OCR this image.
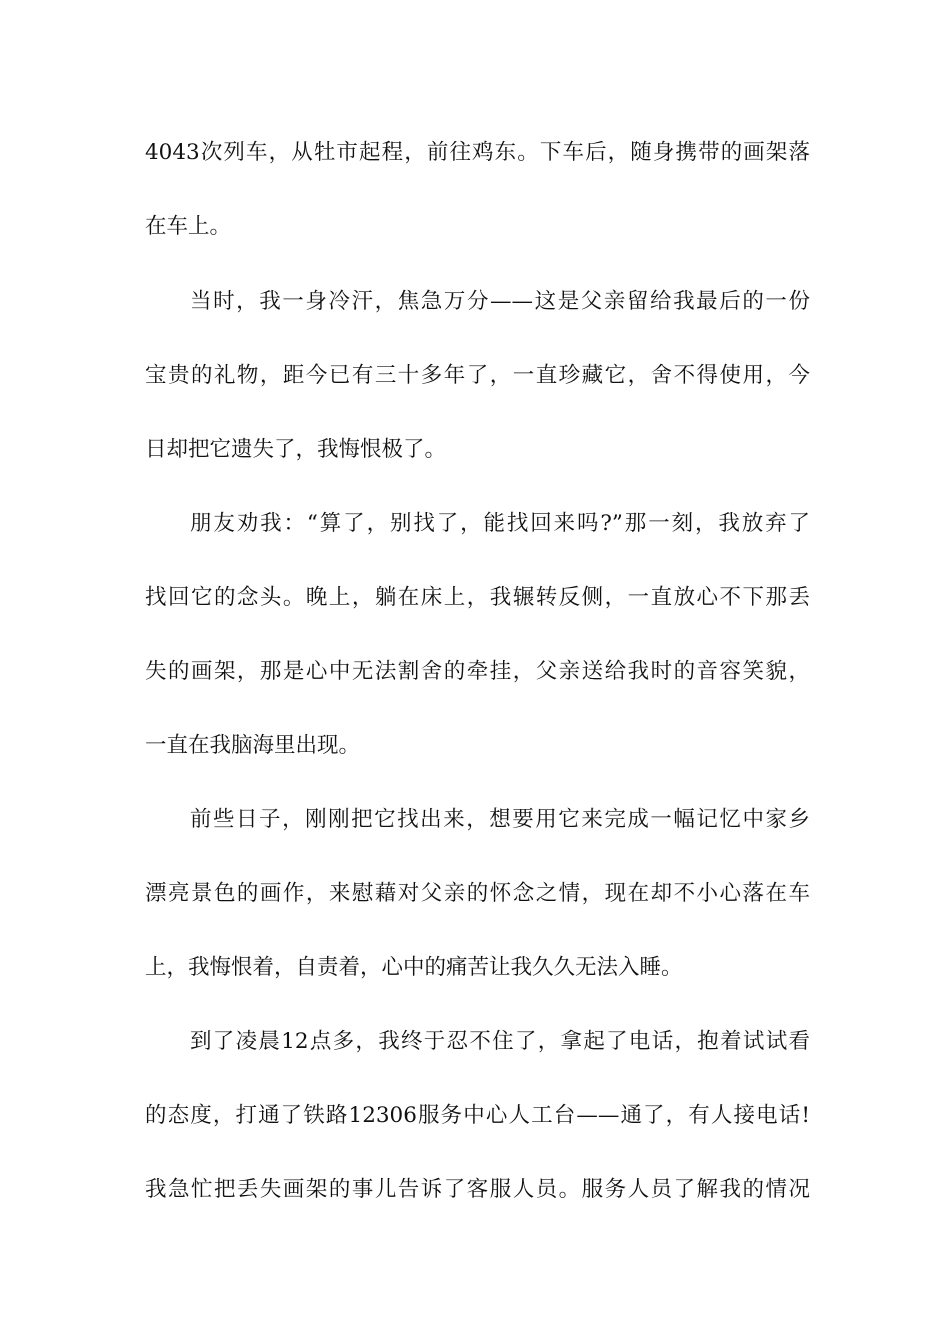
4043次列车，从牡市起程，前往鸡东。下车后，随身携带的画架落
在车上。
当时，我一身冷汗，焦急万分——这是父亲留给我最后的一份
宝贵的礼物，距今已有三十多年了，一直珍藏它，舍不得使用，今
日却把它遗失了，我悔恨极了。
朋友劝我：“算了，别找了，能找回来吗?”那一刻，我放弃了
找回它的念头。晚上，躺在床上，我辗转反侧，一直放心不下那丢
失的画架，那是心中无法割舍的牵挂，父亲送给我时的音容笑貌，
一直在我脑海里出现。
前些日子，刚刚把它找出来，想要用它来完成一幅记忆中家乡
漂亮景色的画作，来慰藉对父亲的怀念之情，现在却不小心落在车
上，我悔恨着，自责着，心中的痛苦让我久久无法入睡。
到了凌晨12点多，我终于忍不住了，拿起了电话，抱着试试看
的态度，打通了铁路12306服务中心人工台——通了，有人接电话!
我急忙把丢失画架的事儿告诉了客服人员。服务人员了解我的情况
